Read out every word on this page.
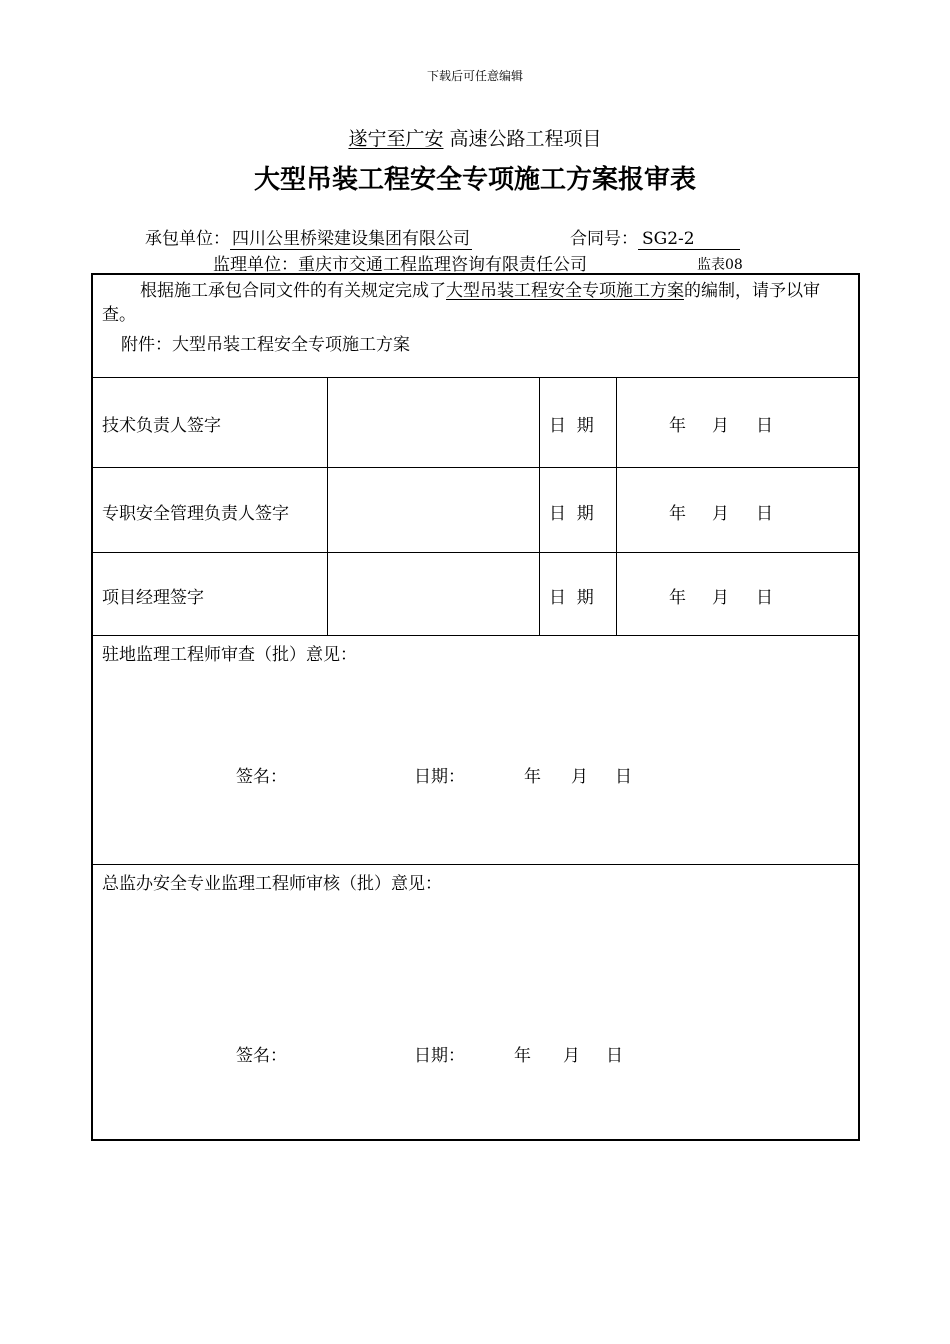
下载后可任意编辑
遂宁至广安 高速公路工程项目
大型吊装工程安全专项施工方案报审表
承包单位： 四川公里桥梁建设集团有限公司	合同号： SG2-2
监理单位：重庆市交通工程监理咨询有限责任公司	监表08
根据施工承包合同文件的有关规定完成了大型吊装工程安全专项施工方案的编制，请予以审查。
附件：大型吊装工程安全专项施工方案
技术负责人签字	日  期	年 月 日
专职安全管理负责人签字	日  期	年 月 日
项目经理签字	日  期	年 月 日
驻地监理工程师审查（批）意见：
签名：	日期：	年 月 日
总监办安全专业监理工程师审核（批）意见：
签名：	日期：	年 月 日
